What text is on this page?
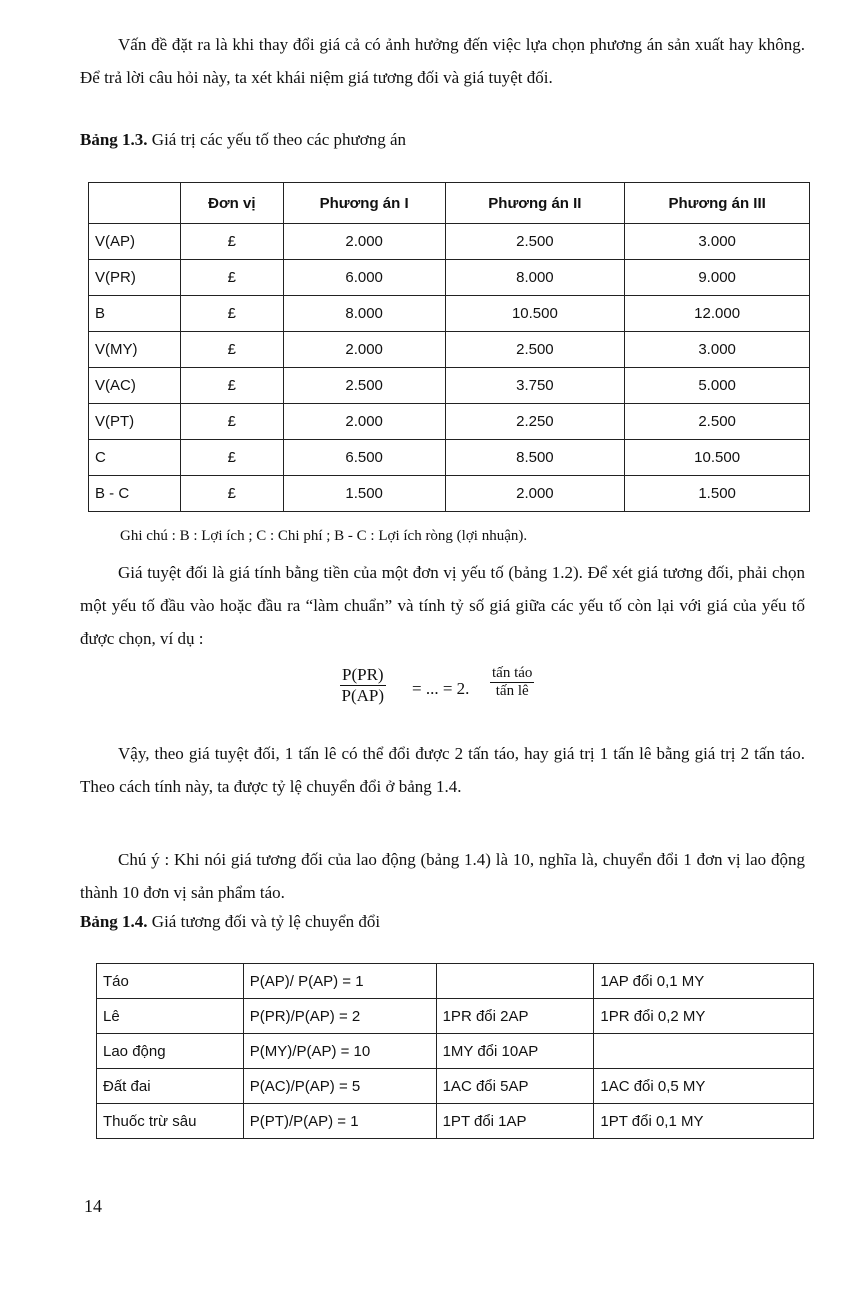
Vấn đề đặt ra là khi thay đổi giá cả có ảnh hưởng đến việc lựa chọn phương án sản xuất hay không. Để trả lời câu hỏi này, ta xét khái niệm giá tương đối và giá tuyệt đối.
Bảng 1.3. Giá trị các yếu tố theo các phương án
	Đơn vị	Phương án I	Phương án II	Phương án III
V(AP)	£	2.000	2.500	3.000
V(PR)	£	6.000	8.000	9.000
B	£	8.000	10.500	12.000
V(MY)	£	2.000	2.500	3.000
V(AC)	£	2.500	3.750	5.000
V(PT)	£	2.000	2.250	2.500
C	£	6.500	8.500	10.500
B - C	£	1.500	2.000	1.500
Ghi chú : B : Lợi ích ; C : Chi phí ; B - C : Lợi ích ròng (lợi nhuận).
Giá tuyệt đối là giá tính bằng tiền của một đơn vị yếu tố (bảng 1.2). Để xét giá tương đối, phải chọn một yếu tố đầu vào hoặc đầu ra “làm chuẩn” và tính tỷ số giá giữa các yếu tố còn lại với giá của yếu tố được chọn, ví dụ :
$\frac{P(PR)}{P(AP)}$ = ... = 2.
tấn táo
tấn lê
Vậy, theo giá tuyệt đối, 1 tấn lê có thể đổi được 2 tấn táo, hay giá trị 1 tấn lê bằng giá trị 2 tấn táo. Theo cách tính này, ta được tỷ lệ chuyển đổi ở bảng 1.4.
Chú ý : Khi nói giá tương đối của lao động (bảng 1.4) là 10, nghĩa là, chuyển đổi 1 đơn vị lao động thành 10 đơn vị sản phẩm táo.
Bảng 1.4. Giá tương đối và tỷ lệ chuyển đổi
Táo	P(AP)/ P(AP) = 1		1AP đổi 0,1 MY
Lê	P(PR)/P(AP) = 2	1PR đổi 2AP	1PR đổi 0,2 MY
Lao động	P(MY)/P(AP) = 10	1MY đổi 10AP	
Đất đai	P(AC)/P(AP) = 5	1AC đổi 5AP	1AC đổi 0,5 MY
Thuốc trừ sâu	P(PT)/P(AP) = 1	1PT đổi 1AP	1PT đổi 0,1 MY
14
